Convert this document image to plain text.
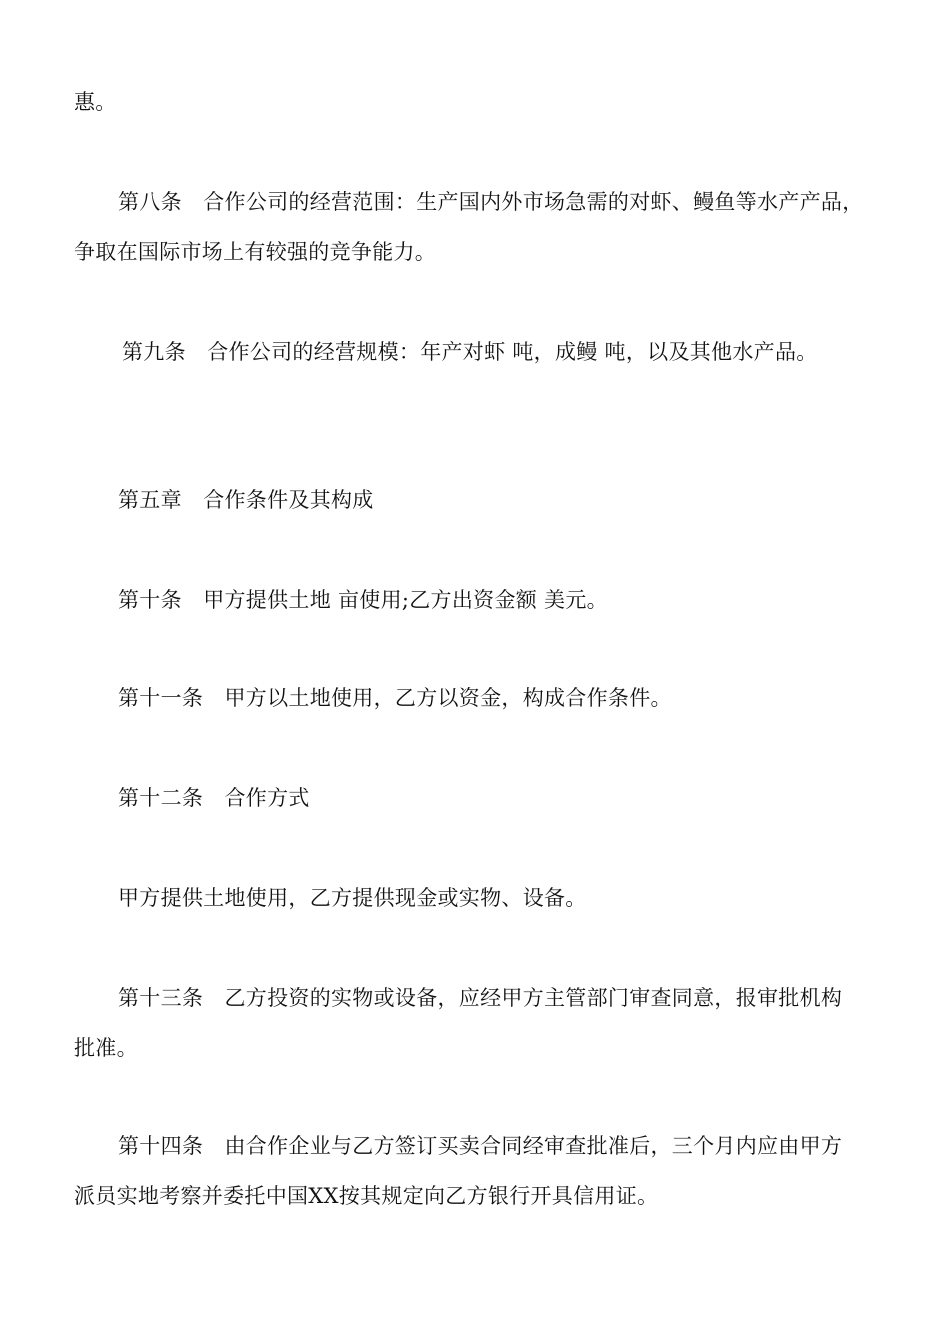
惠。
第八条　合作公司的经营范围：生产国内外市场急需的对虾、鳗鱼等水产产品，
争取在国际市场上有较强的竞争能力。
第九条　合作公司的经营规模：年产对虾 吨，成鳗 吨，以及其他水产品。
第五章　合作条件及其构成
第十条　甲方提供土地 亩使用;乙方出资金额 美元。
第十一条　甲方以土地使用，乙方以资金，构成合作条件。
第十二条　合作方式
甲方提供土地使用，乙方提供现金或实物、设备。
第十三条　乙方投资的实物或设备，应经甲方主管部门审查同意，报审批机构
批准。
第十四条　由合作企业与乙方签订买卖合同经审查批准后，三个月内应由甲方
派员实地考察并委托中国XX按其规定向乙方银行开具信用证。
